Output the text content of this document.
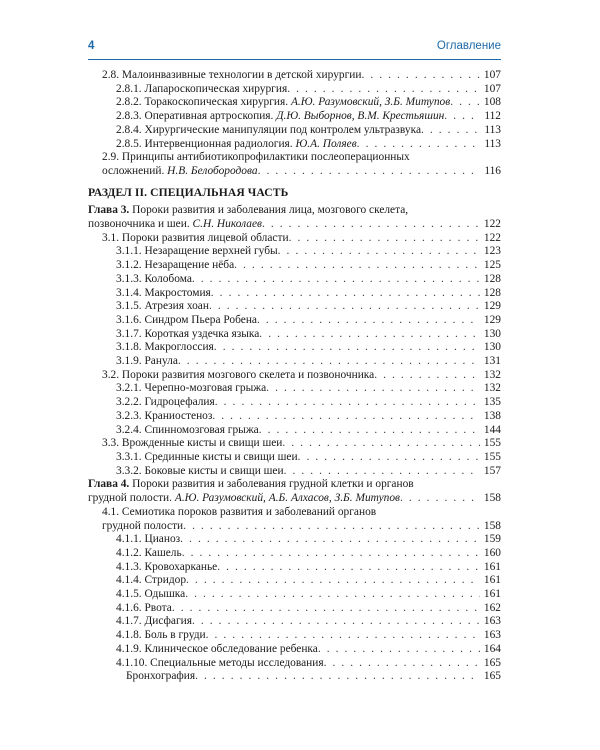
4	Оглавление
2.8. Малоинвазивные технологии в детской хирургии . . .	107
2.8.1. Лапароскопическая хирургия . . .	107
2.8.2. Торакоскопическая хирургия. А.Ю. Разумовский, З.Б. Митупов . . .	108
2.8.3. Оперативная артроскопия. Д.Ю. Выборнов, В.М. Крестьяшин . . .	112
2.8.4. Хирургические манипуляции под контролем ультразвука . . .	113
2.8.5. Интервенционная радиология. Ю.А. Поляев . . .	113
2.9. Принципы антибиотикопрофилактики послеоперационных
осложнений. Н.В. Белобородова . . .	116
РАЗДЕЛ II. СПЕЦИАЛЬНАЯ ЧАСТЬ
Глава 3. Пороки развития и заболевания лица, мозгового скелета,
позвоночника и шеи. С.Н. Николаев . . .	122
3.1. Пороки развития лицевой области . . .	122
3.1.1. Незаращение верхней губы . . .	123
3.1.2. Незаращение нёба . . .	125
3.1.3. Колобома . . .	128
3.1.4. Макростомия . . .	128
3.1.5. Атрезия хоан . . .	129
3.1.6. Синдром Пьера Робена . . .	129
3.1.7. Короткая уздечка языка . . .	130
3.1.8. Макроглоссия . . .	130
3.1.9. Ранула . . .	131
3.2. Пороки развития мозгового скелета и позвоночника . . .	132
3.2.1. Черепно-мозговая грыжа . . .	132
3.2.2. Гидроцефалия . . .	135
3.2.3. Краниостеноз . . .	138
3.2.4. Спинномозговая грыжа . . .	144
3.3. Врожденные кисты и свищи шеи . . .	155
3.3.1. Срединные кисты и свищи шеи . . .	155
3.3.2. Боковые кисты и свищи шеи . . .	157
Глава 4. Пороки развития и заболевания грудной клетки и органов
грудной полости. А.Ю. Разумовский, А.Б. Алхасов, З.Б. Митупов . . .	158
4.1. Семиотика пороков развития и заболеваний органов
грудной полости . . .	158
4.1.1. Цианоз . . .	159
4.1.2. Кашель . . .	160
4.1.3. Кровохарканье . . .	161
4.1.4. Стридор . . .	161
4.1.5. Одышка . . .	161
4.1.6. Рвота . . .	162
4.1.7. Дисфагия . . .	163
4.1.8. Боль в груди . . .	163
4.1.9. Клиническое обследование ребенка . . .	164
4.1.10. Специальные методы исследования . . .	165
Бронхография . . .	165
